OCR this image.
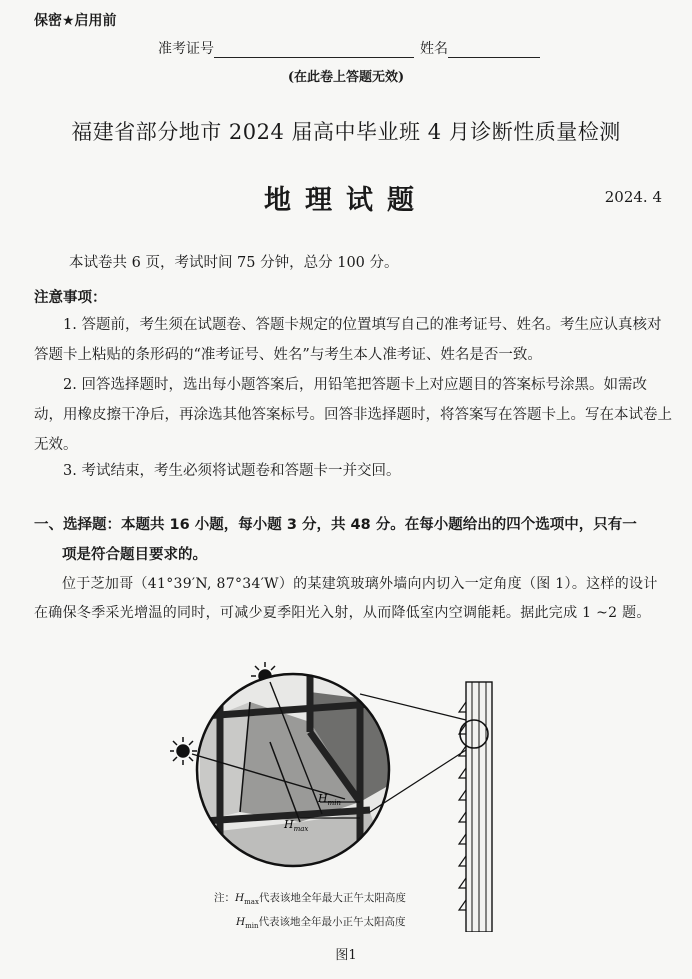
保密★启用前
准考证号	姓名
(在此卷上答题无效)
福建省部分地市 2024 届高中毕业班 4 月诊断性质量检测
地理试题	2024. 4
本试卷共 6 页，考试时间 75 分钟，总分 100 分。
注意事项：
1. 答题前，考生须在试题卷、答题卡规定的位置填写自己的准考证号、姓名。考生应认真核对答题卡上粘贴的条形码的“准考证号、姓名”与考生本人准考证、姓名是否一致。
2. 回答选择题时，选出每小题答案后，用铅笔把答题卡上对应题目的答案标号涂黑。如需改动，用橡皮擦干净后，再涂选其他答案标号。回答非选择题时，将答案写在答题卡上。写在本试卷上无效。
3. 考试结束，考生必须将试题卷和答题卡一并交回。
一、选择题：本题共 16 小题，每小题 3 分，共 48 分。在每小题给出的四个选项中，只有一
项是符合题目要求的。
位于芝加哥（41°39′N, 87°34′W）的某建筑玻璃外墙向内切入一定角度（图 1）。这样的设计在确保冬季采光增温的同时，可减少夏季阳光入射，从而降低室内空调能耗。据此完成 1 ~2 题。
$H_{max}$
$H_{min}$
注：$H_{max}$代表该地全年最大正午太阳高度
$H_{min}$代表该地全年最小正午太阳高度
图1
